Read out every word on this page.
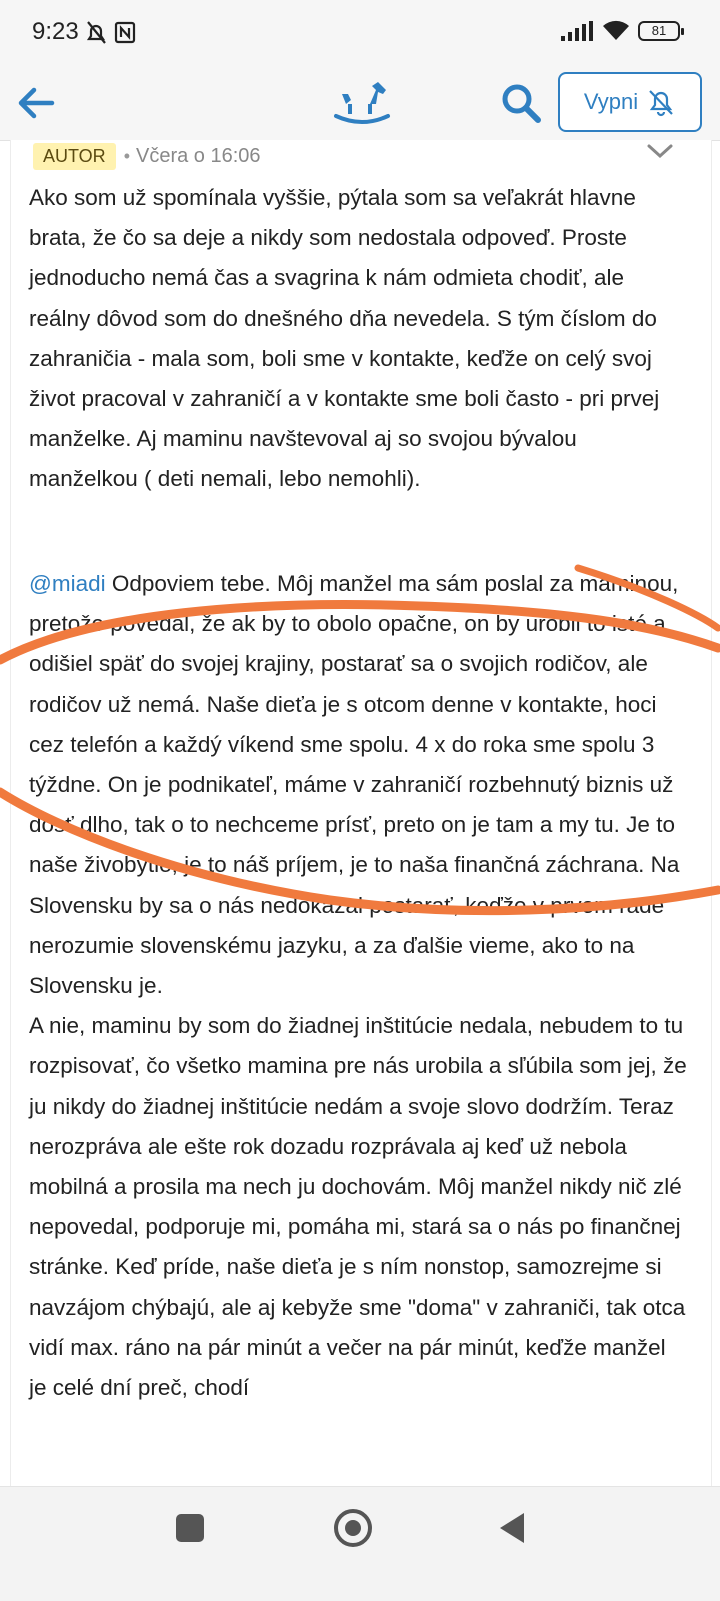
9:23	81
Vypni
AUTOR	• Včera o 16:06

Ako som už spomínala vyššie, pýtala som sa veľakrát hlavne brata, že čo sa deje a nikdy som nedostala odpoveď. Proste jednoducho nemá čas a svagrina k nám odmieta chodiť, ale reálny dôvod som do dnešného dňa nevedela. S tým číslom do zahraničia - mala som, boli sme v kontakte, keďže on celý svoj život pracoval v zahraničí a v kontakte sme boli často - pri prvej manželke. Aj maminu navštevoval aj so svojou bývalou manželkou ( deti nemali, lebo nemohli).

@miadi Odpoviem tebe. Môj manžel ma sám poslal za maminou, pretože povedal, že ak by to obolo opačne, on by urobil to isté a odišiel späť do svojej krajiny, postarať sa o svojich rodičov, ale rodičov už nemá. Naše dieťa je s otcom denne v kontakte, hoci cez telefón a každý víkend sme spolu. 4 x do roka sme spolu 3 týždne. On je podnikateľ, máme v zahraničí rozbehnutý biznis už dosť dlho, tak o to nechceme prísť, preto on je tam a my tu. Je to naše živobytie, je to náš príjem, je to naša finančná záchrana. Na Slovensku by sa o nás nedokázal postarať, keďže v prvom rade nerozumie slovenskému jazyku, a za ďalšie vieme, ako to na Slovensku je.
A nie, maminu by som do žiadnej inštitúcie nedala, nebudem to tu rozpisovať, čo všetko mamina pre nás urobila a sľúbila som jej, že ju nikdy do žiadnej inštitúcie nedám a svoje slovo dodržím. Teraz nerozpráva ale ešte rok dozadu rozprávala aj keď už nebola mobilná a prosila ma nech ju dochovám. Môj manžel nikdy nič zlé nepovedal, podporuje mi, pomáha mi, stará sa o nás po finančnej stránke. Keď príde, naše dieťa je s ním nonstop, samozrejme si navzájom chýbajú, ale aj kebyže sme "doma" v zahraniči, tak otca vidí max. ráno na pár minút a večer na pár minút, keďže manžel je celé dní preč, chodí
